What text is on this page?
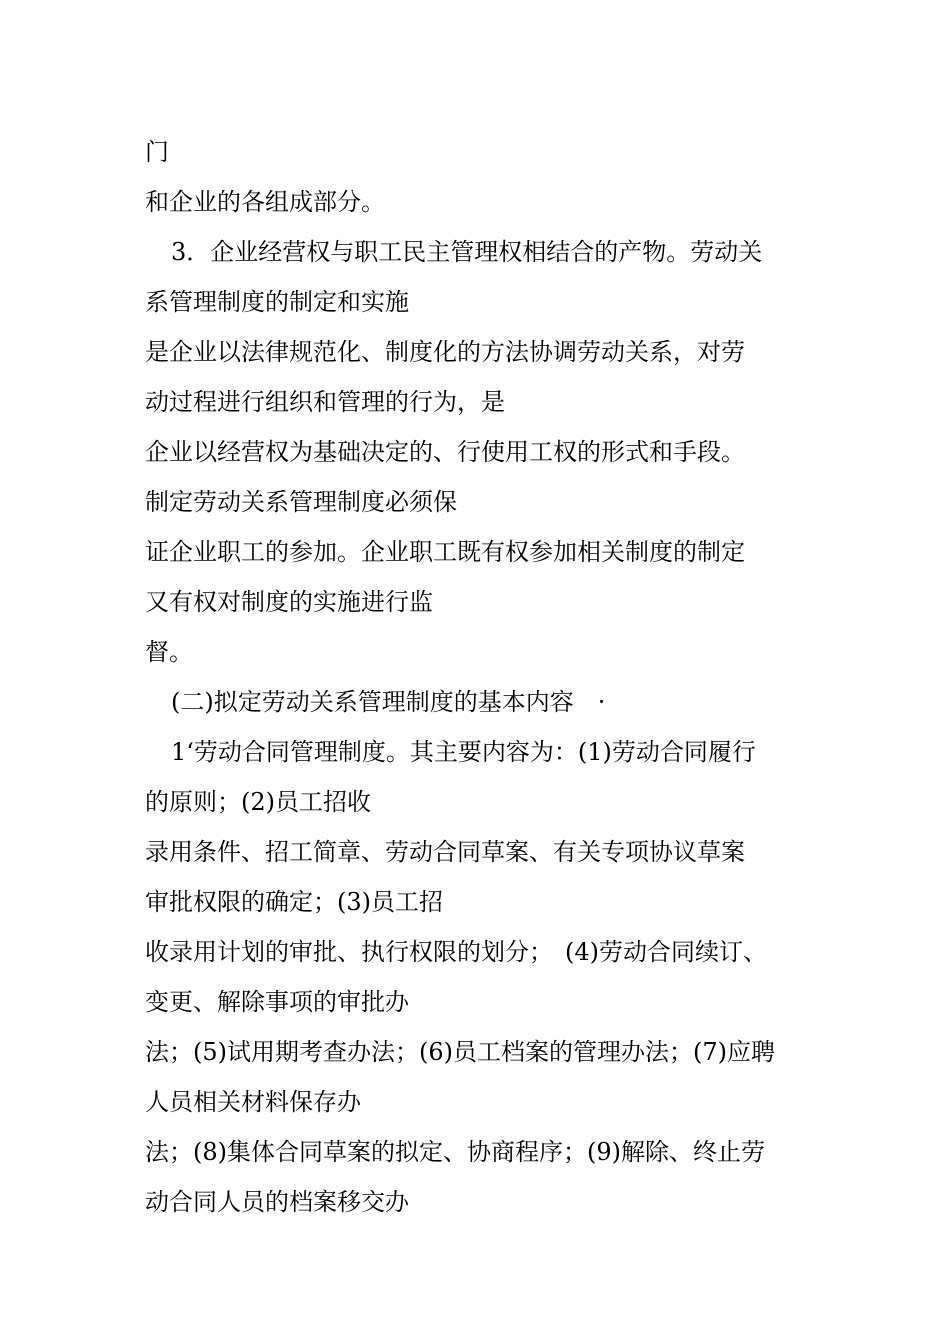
门
和企业的各组成部分。
3．企业经营权与职工民主管理权相结合的产物。劳动关
系管理制度的制定和实施
是企业以法律规范化、制度化的方法协调劳动关系，对劳
动过程进行组织和管理的行为，是
企业以经营权为基础决定的、行使用工权的形式和手段。
制定劳动关系管理制度必须保
证企业职工的参加。企业职工既有权参加相关制度的制定
又有权对制度的实施进行监
督。
(二)拟定劳动关系管理制度的基本内容　·
1‘劳动合同管理制度。其主要内容为：(1)劳动合同履行
的原则；(2)员工招收
录用条件、招工简章、劳动合同草案、有关专项协议草案
审批权限的确定；(3)员工招
收录用计划的审批、执行权限的划分；　(4)劳动合同续订、
变更、解除事项的审批办
法；(5)试用期考查办法；(6)员工档案的管理办法；(7)应聘
人员相关材料保存办
法；(8)集体合同草案的拟定、协商程序；(9)解除、终止劳
动合同人员的档案移交办
